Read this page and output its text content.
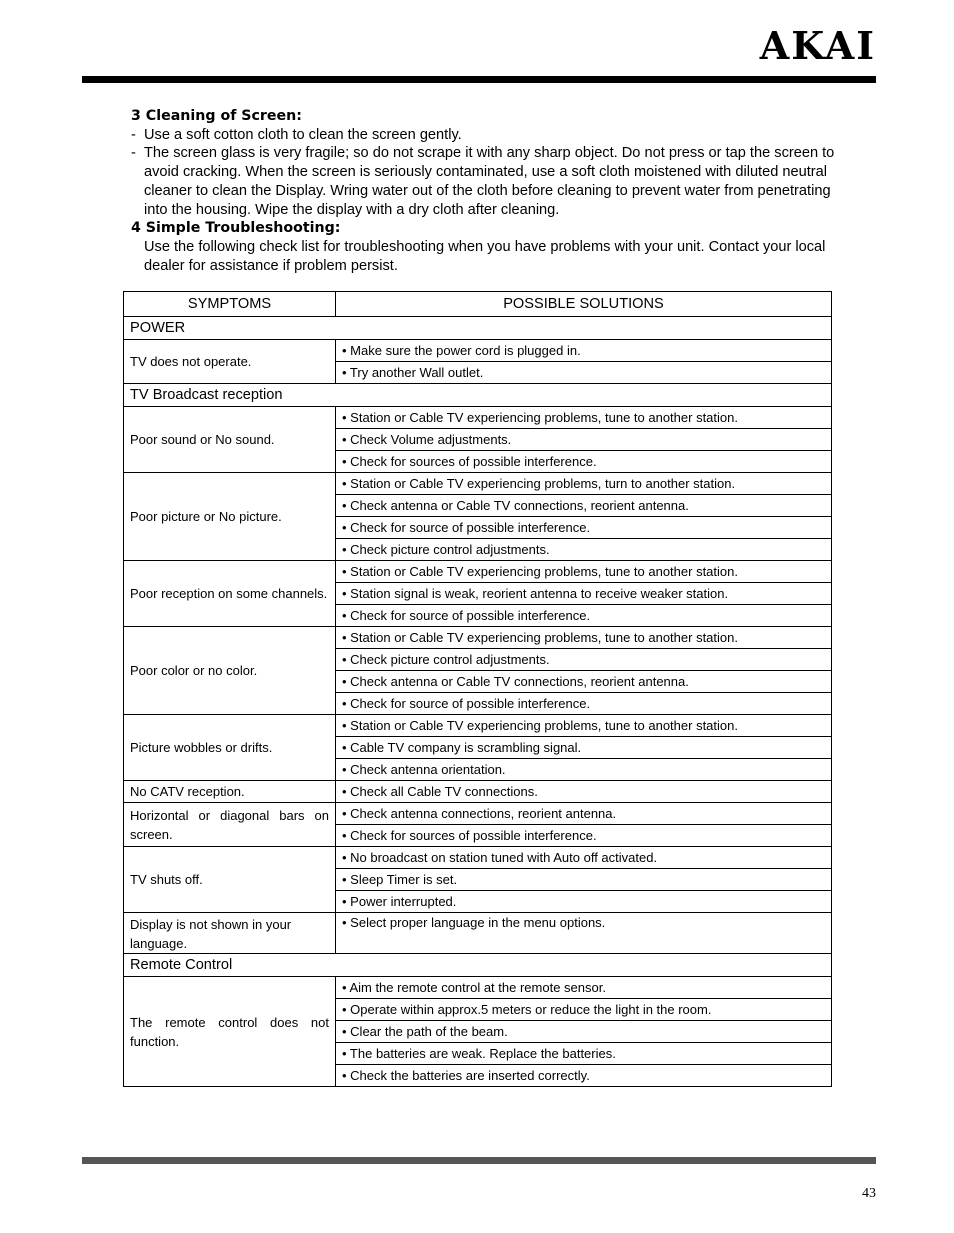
AKAI
3 Cleaning of Screen:
- Use a soft cotton cloth to clean the screen gently.
- The screen glass is very fragile; so do not scrape it with any sharp object. Do not press or tap the screen to avoid cracking. When the screen is seriously contaminated, use a soft cloth moistened with diluted neutral cleaner to clean the Display. Wring water out of the cloth before cleaning to prevent water from penetrating into the housing. Wipe the display with a dry cloth after cleaning.
4 Simple Troubleshooting:
Use the following check list for troubleshooting when you have problems with your unit. Contact your local dealer for assistance if problem persist.
SYMPTOMS	POSSIBLE SOLUTIONS
POWER	
TV does not operate.	• Make sure the power cord is plugged in.
	• Try another Wall outlet.
TV Broadcast reception	
Poor sound or No sound.	• Station or Cable TV experiencing problems, tune to another station.
	• Check Volume adjustments.
	• Check for sources of possible interference.
Poor picture or No picture.	• Station or Cable TV experiencing problems, turn to another station.
	• Check antenna or Cable TV connections, reorient antenna.
	• Check for source of possible interference.
	• Check picture control adjustments.
Poor reception on some channels.	• Station or Cable TV experiencing problems, tune to another station.
	• Station signal is weak, reorient antenna to receive weaker station.
	• Check for source of possible interference.
Poor color or no color.	• Station or Cable TV experiencing problems, tune to another station.
	• Check picture control adjustments.
	• Check antenna or Cable TV connections, reorient antenna.
	• Check for source of possible interference.
Picture wobbles or drifts.	• Station or Cable TV experiencing problems, tune to another station.
	• Cable TV company is scrambling signal.
	• Check antenna orientation.
No CATV reception.	• Check all Cable TV connections.
Horizontal or diagonal bars on screen.	• Check antenna connections, reorient antenna.
	• Check for sources of possible interference.
TV shuts off.	• No broadcast on station tuned with Auto off activated.
	• Sleep Timer is set.
	• Power interrupted.
Display is not shown in your language.	• Select proper language in the menu options.
Remote Control	
The remote control does not function.	• Aim the remote control at the remote sensor.
	• Operate within approx.5 meters or reduce the light in the room.
	• Clear the path of the beam.
	• The batteries are weak. Replace the batteries.
	• Check the batteries are inserted correctly.
43
